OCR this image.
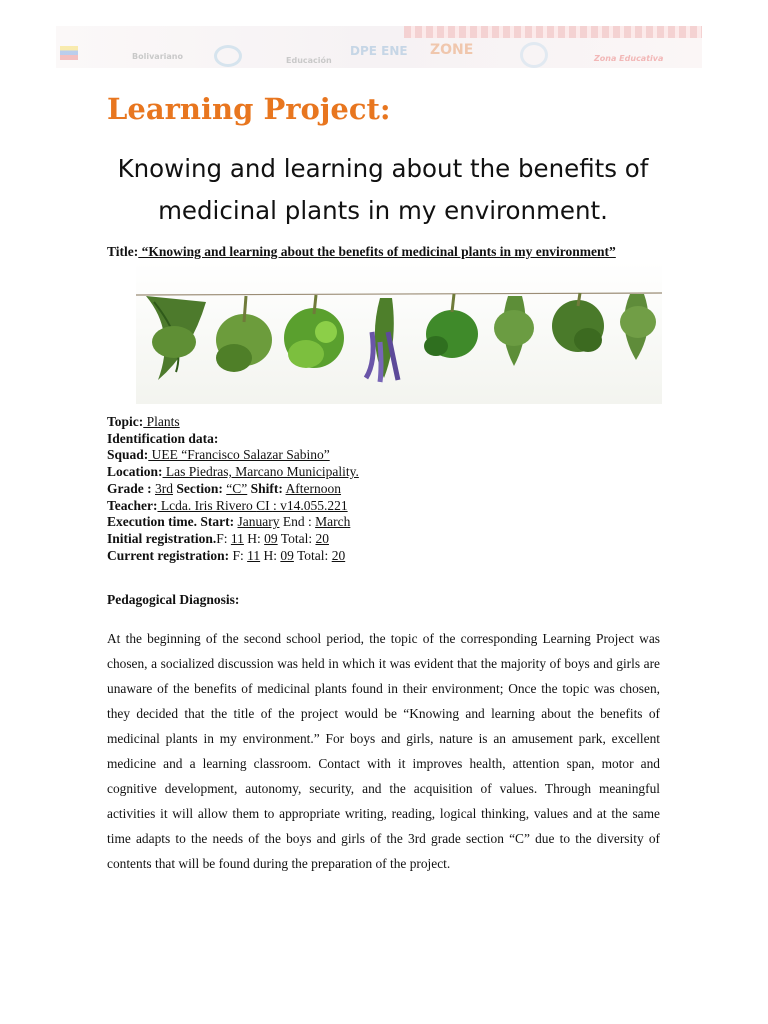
Bolivariano	Educación
DPE ENE ZONE
Zona Educativa
Learning Project:

Knowing and learning about the benefits of medicinal plants in my environment.

Title: “Knowing and learning about the benefits of medicinal plants in my environment”
Topic: Plants
Identification data:
Squad: UEE “Francisco Salazar Sabino”
Location: Las Piedras, Marcano Municipality.
Grade : 3rd Section: “C” Shift: Afternoon
Teacher: Lcda. Iris Rivero CI : v14.055.221
Execution time. Start: January End : March
Initial registration.F: 11 H: 09 Total: 20
Current registration: F: 11 H: 09 Total: 20
Pedagogical Diagnosis:

At the beginning of the second school period, the topic of the corresponding Learning Project was chosen, a socialized discussion was held in which it was evident that the majority of boys and girls are unaware of the benefits of medicinal plants found in their environment; Once the topic was chosen, they decided that the title of the project would be “Knowing and learning about the benefits of medicinal plants in my environment.” For boys and girls, nature is an amusement park, excellent medicine and a learning classroom. Contact with it improves health, attention span, motor and cognitive development, autonomy, security, and the acquisition of values. Through meaningful activities it will allow them to appropriate writing, reading, logical thinking, values and at the same time adapts to the needs of the boys and girls of the 3rd grade section “C” due to the diversity of contents that will be found during the preparation of the project.
